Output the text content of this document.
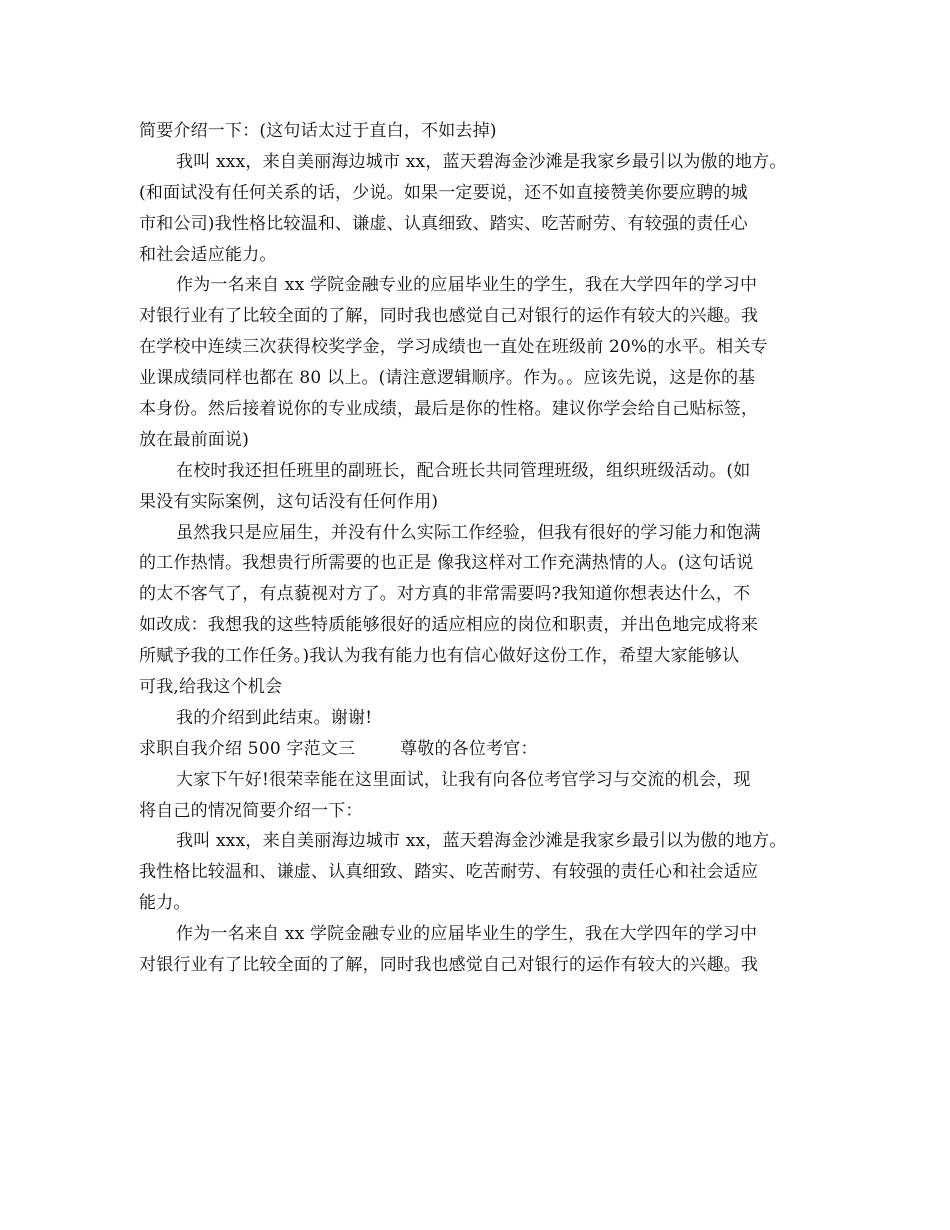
简要介绍一下：(这句话太过于直白，不如去掉)
我叫 xxx，来自美丽海边城市 xx，蓝天碧海金沙滩是我家乡最引以为傲的地方。
(和面试没有任何关系的话，少说。如果一定要说，还不如直接赞美你要应聘的城
市和公司)我性格比较温和、谦虚、认真细致、踏实、吃苦耐劳、有较强的责任心
和社会适应能力。
作为一名来自 xx 学院金融专业的应届毕业生的学生，我在大学四年的学习中
对银行业有了比较全面的了解，同时我也感觉自己对银行的运作有较大的兴趣。我
在学校中连续三次获得校奖学金，学习成绩也一直处在班级前 20%的水平。相关专
业课成绩同样也都在 80 以上。(请注意逻辑顺序。作为。。应该先说，这是你的基
本身份。然后接着说你的专业成绩，最后是你的性格。建议你学会给自己贴标签，
放在最前面说)
在校时我还担任班里的副班长，配合班长共同管理班级，组织班级活动。(如
果没有实际案例，这句话没有任何作用)
虽然我只是应届生，并没有什么实际工作经验，但我有很好的学习能力和饱满
的工作热情。我想贵行所需要的也正是 像我这样对工作充满热情的人。(这句话说
的太不客气了，有点藐视对方了。对方真的非常需要吗?我知道你想表达什么，不
如改成：我想我的这些特质能够很好的适应相应的岗位和职责，并出色地完成将来
所赋予我的工作任务。)我认为我有能力也有信心做好这份工作，希望大家能够认
可我,给我这个机会
我的介绍到此结束。谢谢!
求职自我介绍 500 字范文三        尊敬的各位考官：
大家下午好!很荣幸能在这里面试，让我有向各位考官学习与交流的机会，现
将自己的情况简要介绍一下：
我叫 xxx，来自美丽海边城市 xx，蓝天碧海金沙滩是我家乡最引以为傲的地方。
我性格比较温和、谦虚、认真细致、踏实、吃苦耐劳、有较强的责任心和社会适应
能力。
作为一名来自 xx 学院金融专业的应届毕业生的学生，我在大学四年的学习中
对银行业有了比较全面的了解，同时我也感觉自己对银行的运作有较大的兴趣。我
